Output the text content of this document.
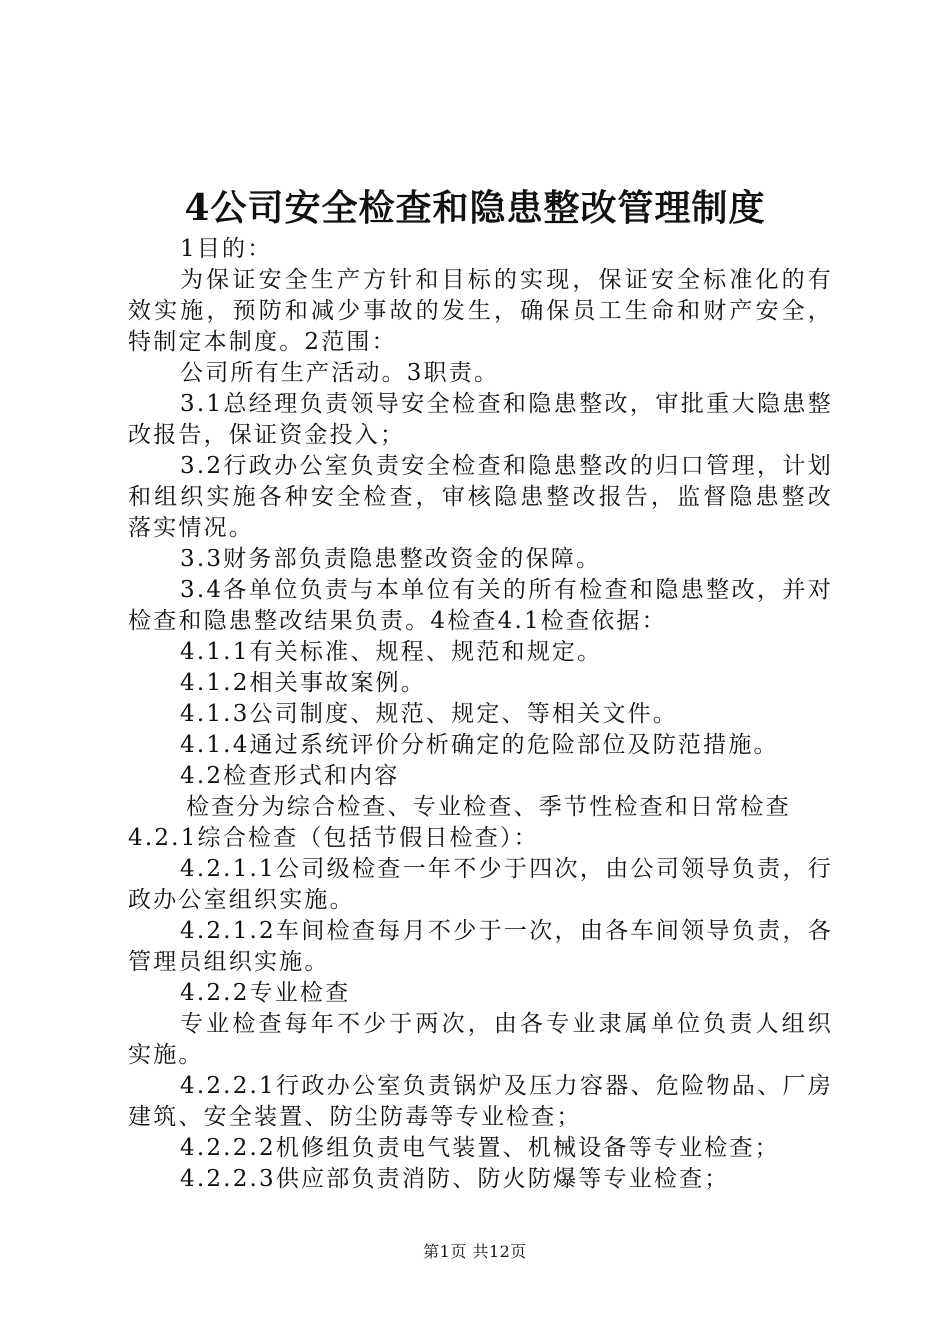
4公司安全检查和隐患整改管理制度

1目的：

为保证安全生产方针和目标的实现，保证安全标准化的有效实施，预防和减少事故的发生，确保员工生命和财产安全，特制定本制度。2范围：

公司所有生产活动。3职责。

3.1总经理负责领导安全检查和隐患整改，审批重大隐患整改报告，保证资金投入；

3.2行政办公室负责安全检查和隐患整改的归口管理，计划和组织实施各种安全检查，审核隐患整改报告，监督隐患整改落实情况。

3.3财务部负责隐患整改资金的保障。

3.4各单位负责与本单位有关的所有检查和隐患整改，并对检查和隐患整改结果负责。4检查4.1检查依据：

4.1.1有关标准、规程、规范和规定。

4.1.2相关事故案例。

4.1.3公司制度、规范、规定、等相关文件。

4.1.4通过系统评价分析确定的危险部位及防范措施。

4.2检查形式和内容

检查分为综合检查、专业检查、季节性检查和日常检查

4.2.1综合检查（包括节假日检查）：

4.2.1.1公司级检查一年不少于四次，由公司领导负责，行政办公室组织实施。

4.2.1.2车间检查每月不少于一次，由各车间领导负责，各管理员组织实施。

4.2.2专业检查

专业检查每年不少于两次，由各专业隶属单位负责人组织实施。

4.2.2.1行政办公室负责锅炉及压力容器、危险物品、厂房建筑、安全装置、防尘防毒等专业检查；

4.2.2.2机修组负责电气装置、机械设备等专业检查；

4.2.2.3供应部负责消防、防火防爆等专业检查；

第1页 共12页
